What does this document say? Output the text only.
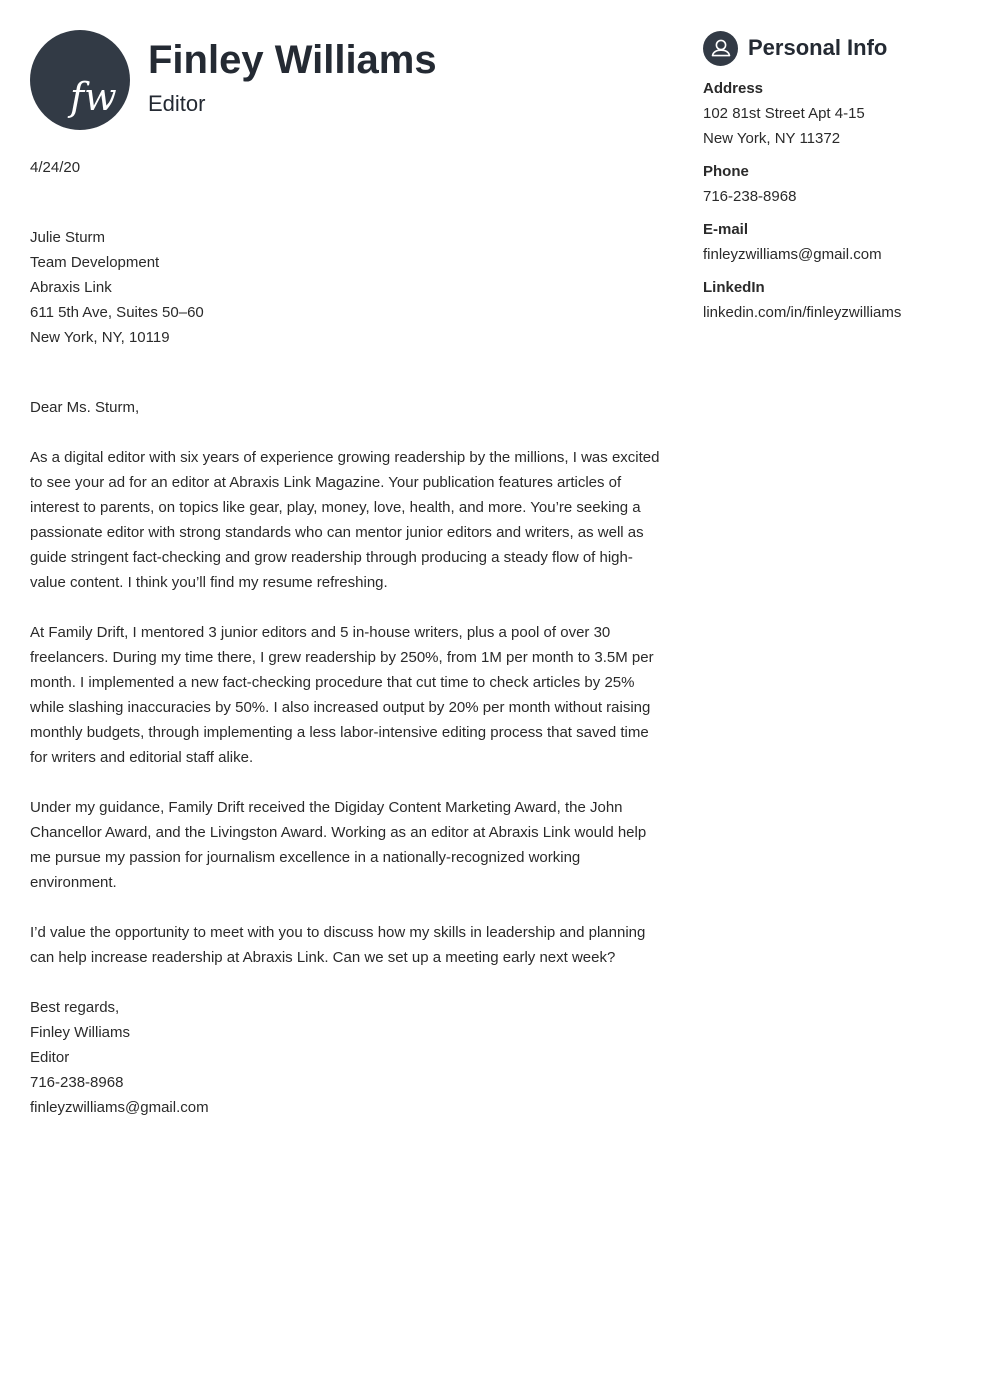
fw
Finley Williams
Editor
4/24/20
Julie Sturm
Team Development
Abraxis Link
611 5th Ave, Suites 50–60
New York, NY, 10119

Dear Ms. Sturm,

As a digital editor with six years of experience growing readership by the millions, I was excited to see your ad for an editor at Abraxis Link Magazine. Your publication features articles of interest to parents, on topics like gear, play, money, love, health, and more. You’re seeking a passionate editor with strong standards who can mentor junior editors and writers, as well as guide stringent fact-checking and grow readership through producing a steady flow of high-value content. I think you’ll find my resume refreshing.

At Family Drift, I mentored 3 junior editors and 5 in-house writers, plus a pool of over 30 freelancers. During my time there, I grew readership by 250%, from 1M per month to 3.5M per month. I implemented a new fact-checking procedure that cut time to check articles by 25% while slashing inaccuracies by 50%. I also increased output by 20% per month without raising monthly budgets, through implementing a less labor-intensive editing process that saved time for writers and editorial staff alike.

Under my guidance, Family Drift received the Digiday Content Marketing Award, the John Chancellor Award, and the Livingston Award. Working as an editor at Abraxis Link would help me pursue my passion for journalism excellence in a nationally-recognized working environment.

I’d value the opportunity to meet with you to discuss how my skills in leadership and planning can help increase readership at Abraxis Link. Can we set up a meeting early next week?

Best regards,
Finley Williams
Editor
716-238-8968
finleyzwilliams@gmail.com
Personal Info
Address
102 81st Street Apt 4-15
New York, NY 11372
Phone
716-238-8968
E-mail
finleyzwilliams@gmail.com
LinkedIn
linkedin.com/in/finleyzwilliams
